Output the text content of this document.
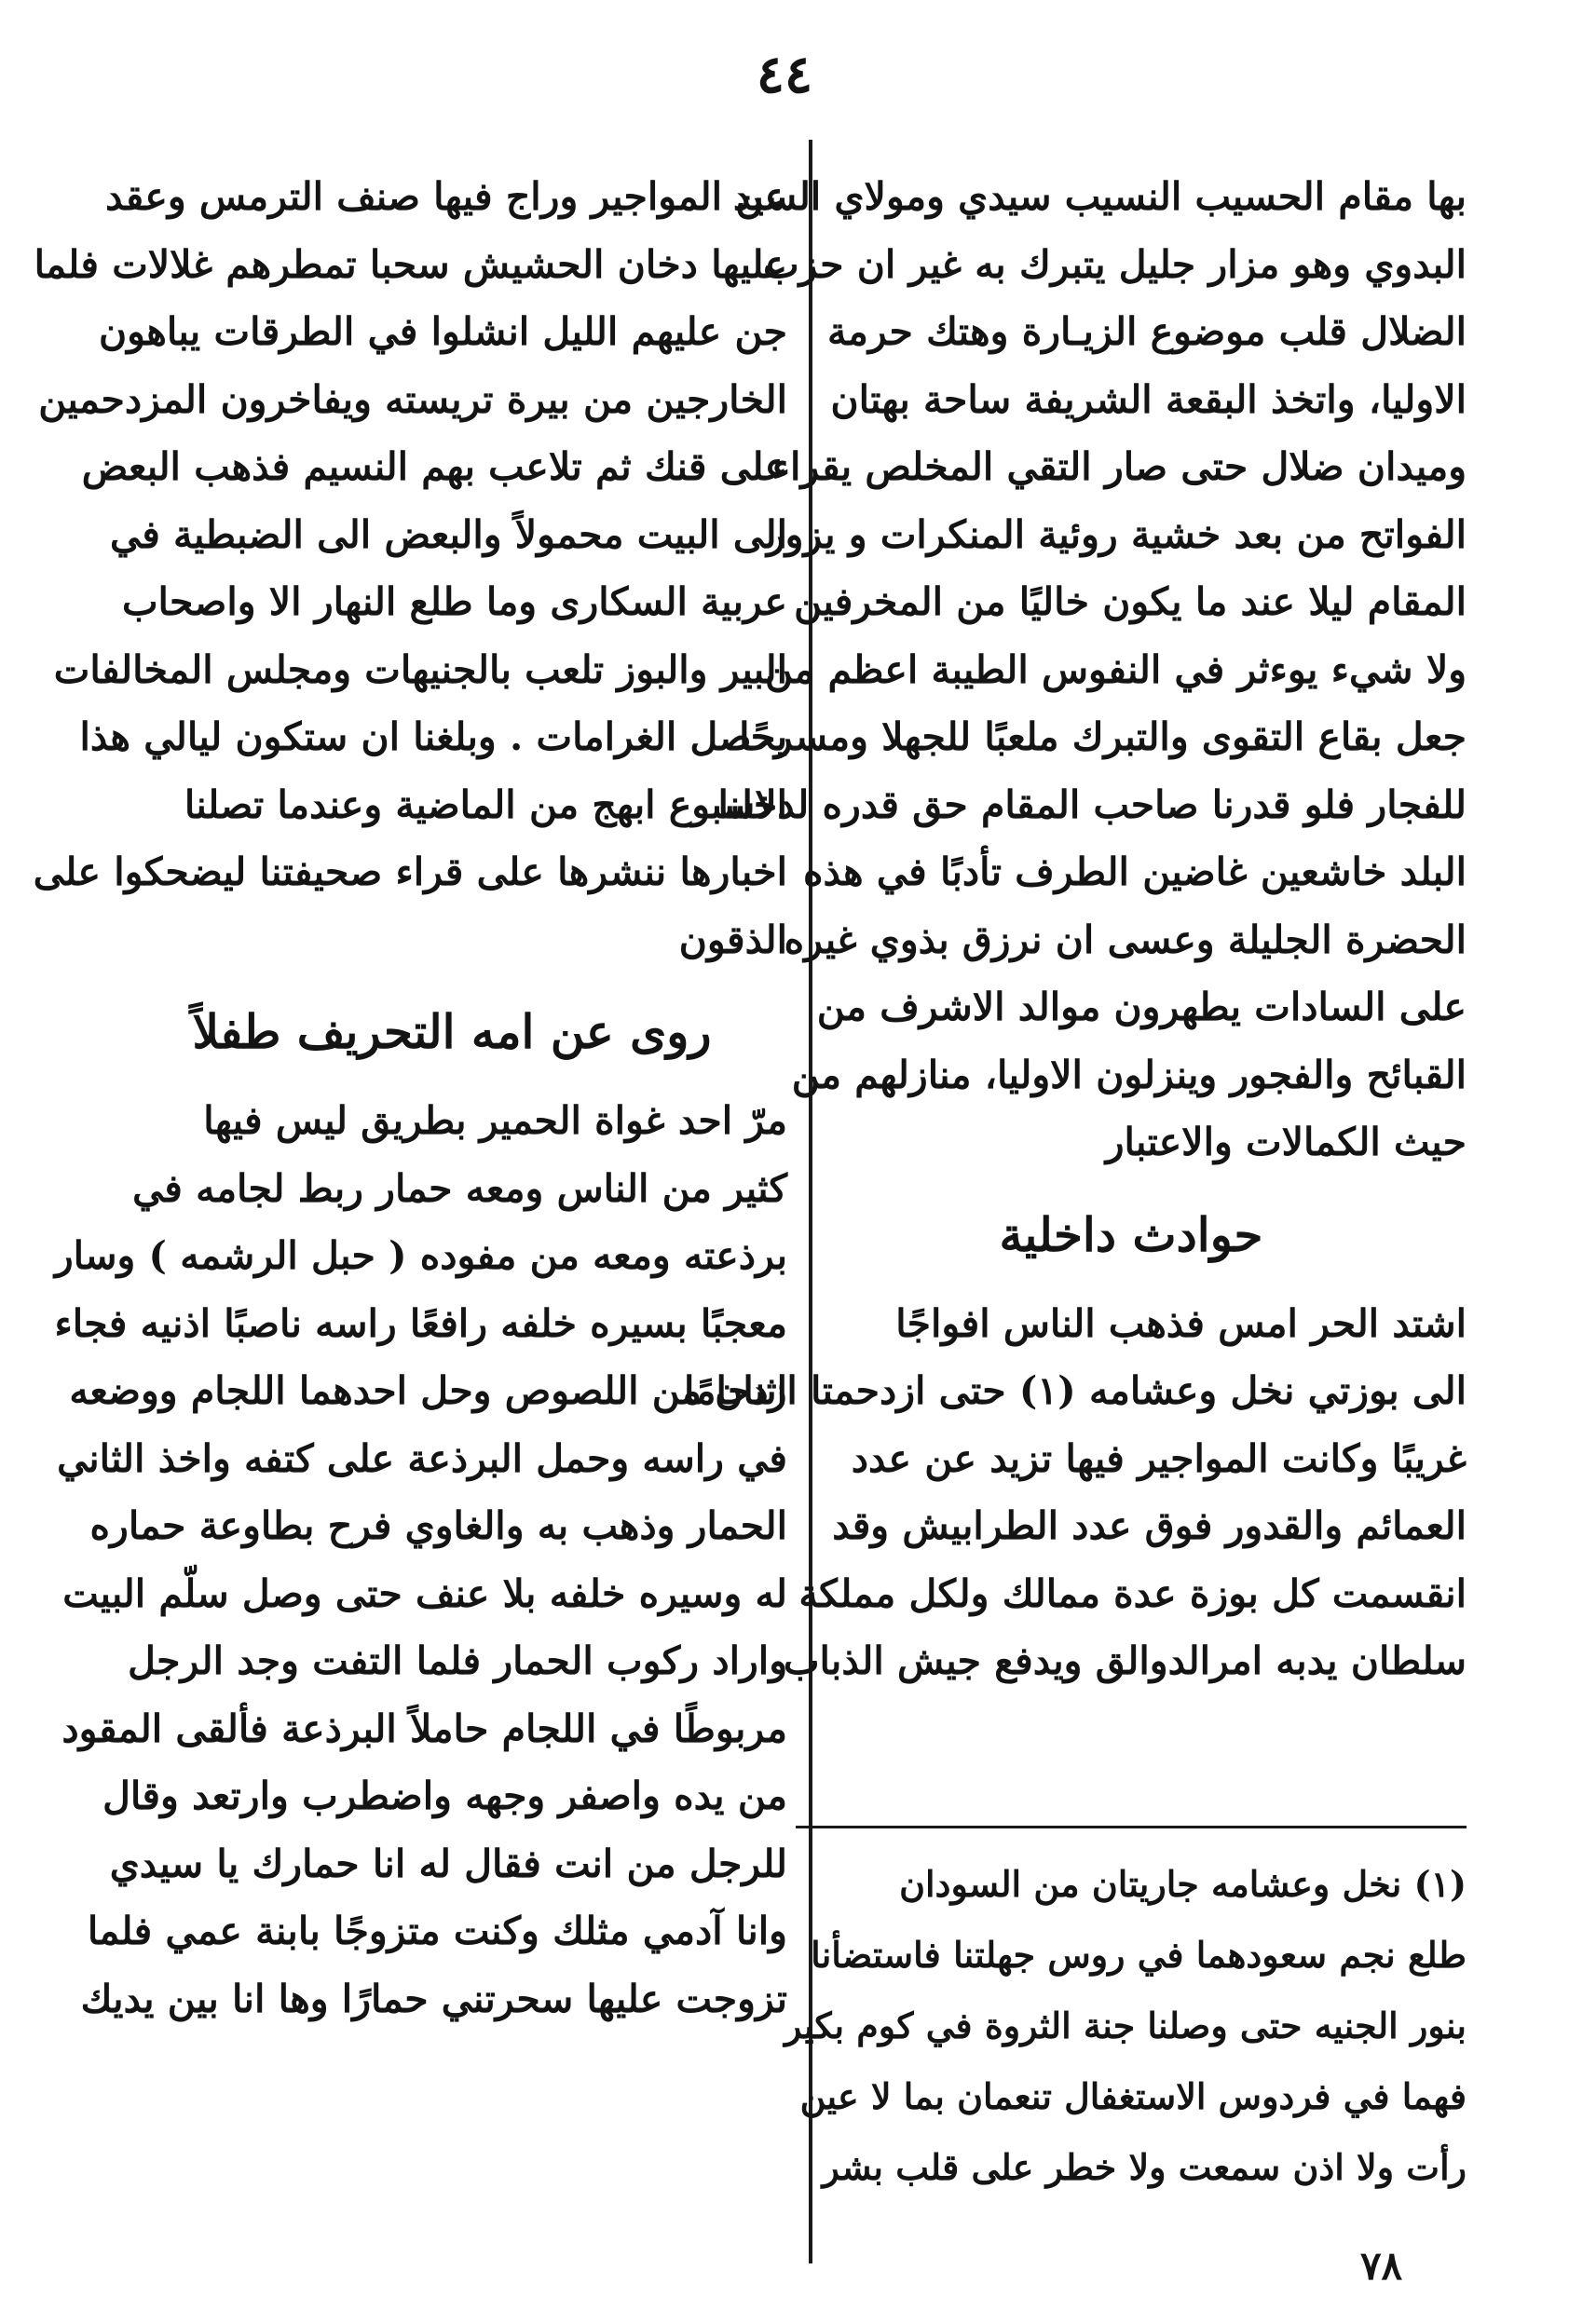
٤٤

بها مقام الحسيب النسيب سيدي ومولاي السيد
البدوي وهو مزار جليل يتبرك به غير ان حزب
الضلال قلب موضوع الزيـارة وهتك حرمة
الاوليا، واتخذ البقعة الشريفة ساحة بهتان
وميدان ضلال حتى صار التقي المخلص يقراء
الفواتح من بعد خشية روئية المنكرات و يزور
المقام ليلا عند ما يكون خاليًا من المخرفين
ولا شيء يوءثر في النفوس الطيبة اعظم من
جعل بقاع التقوى والتبرك ملعبًا للجهلا ومسرحًا
للفجار فلو قدرنا صاحب المقام حق قدره لدخلنا
البلد خاشعين غاضين الطرف تأدبًا في هذه
الحضرة الجليلة وعسى ان نرزق بذوي غيره
على السادات يطهرون موالد الاشرف من
القبائح والفجور وينزلون الاوليا، منازلهم من
حيث الكمالات والاعتبار

حوادث داخلية

اشتد الحر امس فذهب الناس افواجًا
الى بوزتي نخل وعشامه (١) حتى ازدحمتا ازدحامًا
غريبًا وكانت المواجير فيها تزيد عن عدد
العمائم والقدور فوق عدد الطرابيش وقد
انقسمت كل بوزة عدة ممالك ولكل مملكة
سلطان يدبه امرالدوالق ويدفع جيش الذباب

عن المواجير وراج فيها صنف الترمس وعقد
عليها دخان الحشيش سحبا تمطرهم غلالات فلما
جن عليهم الليل انشلوا في الطرقات يباهون
الخارجين من بيرة تريسته ويفاخرون المزدحمين
على قنك ثم تلاعب بهم النسيم فذهب البعض
الى البيت محمولاً والبعض الى الضبطية في
عربية السكارى وما طلع النهار الا واصحاب
البير والبوز تلعب بالجنيهات ومجلس المخالفات
يحصل الغرامات . وبلغنا ان ستكون ليالي هذا
الاسبوع ابهج من الماضية وعندما تصلنا
اخبارها ننشرها على قراء صحيفتنا ليضحكوا على
الذقون

روى عن امه التحريف طفلاً

مرّ احد غواة الحمير بطريق ليس فيها
كثير من الناس ومعه حمار ربط لجامه في
برذعته ومعه من مفوده ( حبل الرشمه ) وسار
معجبًا بسيره خلفه رافعًا راسه ناصبًا اذنيه فجاء
اثنان من اللصوص وحل احدهما اللجام ووضعه
في راسه وحمل البرذعة على كتفه واخذ الثاني
الحمار وذهب به والغاوي فرح بطاوعة حماره
له وسيره خلفه بلا عنف حتى وصل سلّم البيت
واراد ركوب الحمار فلما التفت وجد الرجل
مربوطًا في اللجام حاملاً البرذعة فألقى المقود
من يده واصفر وجهه واضطرب وارتعد وقال
للرجل من انت فقال له انا حمارك يا سيدي
وانا آدمي مثلك وكنت متزوجًا بابنة عمي فلما
تزوجت عليها سحرتني حمارًا وها انا بين يديك

(١) نخل وعشامه جاريتان من السودان
طلع نجم سعودهما في روس جهلتنا فاستضأنا
بنور الجنيه حتى وصلنا جنة الثروة في كوم بكير
فهما في فردوس الاستغفال تنعمان بما لا عين
رأت ولا اذن سمعت ولا خطر على قلب بشر
٧٨
